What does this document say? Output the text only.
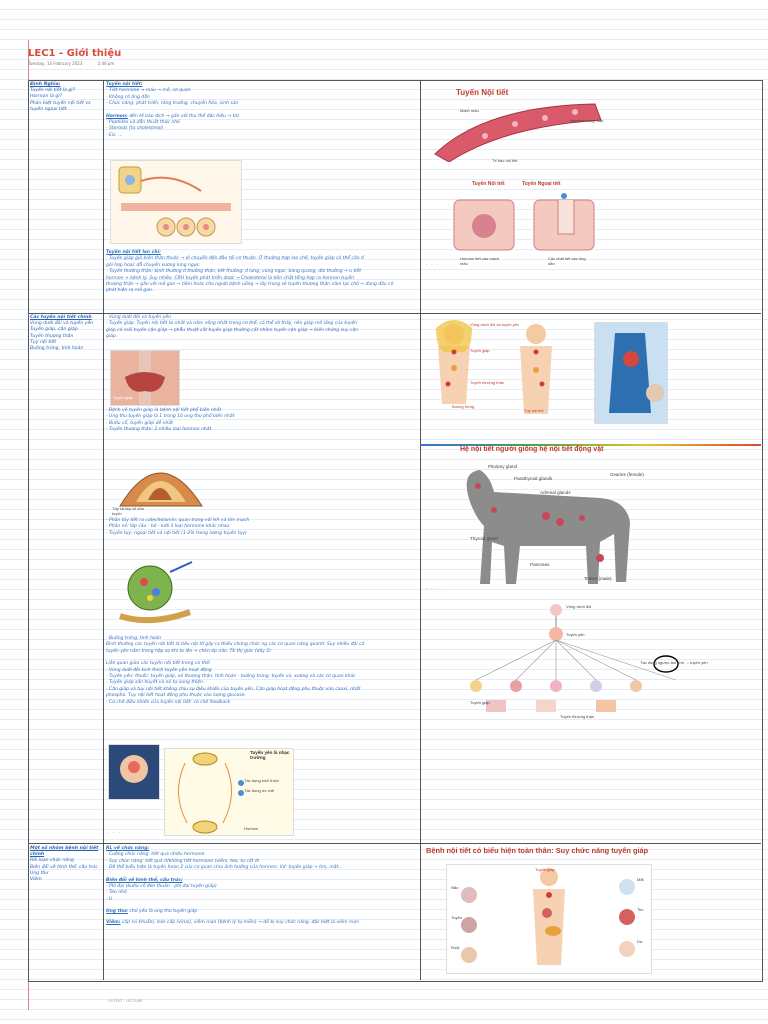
LEC1 - Giới thiệu
Tuesday, 14 February 2023	2:46 pm
Định Nghĩa:
Tuyến nội tiết là gì?
Hormon là gì?
Phân biệt tuyến nội tiết vs
tuyến ngoại tiết
Tuyến nội tiết:
- Tiết hormone → máu → mô, cơ quan
- Không có ống dẫn
- Chức năng: phát triển, tăng trưởng, chuyển hóa, sinh sản
Hormon: đến tế bào đích → gắn với thụ thể đặc hiệu → t/d
- Peptides và dẫn thuất thức nhỏ
- Steroids (từ cholesterol)
- Eis. ...
Tuyến nội tiết lan chỉ:
- Tuyến giáp gửi biến thân thuốc → di chuyển đến đầu tôi cơ thuận. Ở thường hợp lao chế, tuyến giáp có thể cần ở
gói hợp hoạc dẫ chuyển xương lưng ngực.
- Tuyến thường thận: bình thường ở thường thận, kết thường: ở lưng, vùng ngực, bàng quang, đài thường → u tiết
hormon → bệnh lý. Suy nhiều. CRH tuyến phát triển được → Cholesterol là tiền chất tổng hợp ra hormon tuyến
thượng thận → gần với mô gan → tiêm hoác cho người bệnh uống → lấy trong sẽ tuyến thượng thận nằm lạc chỗ → đang đầu có
phát hiện ra mô gan.
Tuyến Nội tiết
Mạch máu
Hormon trong máu
Tế bào nội tiết
Tuyến Nội tiết	Tuyến Ngoại tiết
Hormon tiết vào mạch máu
Các chất tiết vào ống dẫn
· · ·
Các tuyến nội tiết chính
Vùng dưới đồi và tuyến yên
Tuyến giáp, cận giáp
Tuyến thượng thận
Tụy nội tiết
Buồng trứng, tinh hoàn
- Vùng dưới đồi và tuyến yên
- Tuyến giáp: Tuyến nội tiết to nhất và nằm nông nhất trong cơ thể, có thể sờ thấy, nên giáp mô lắng của tuyến
giáp có mối tuyến cận giáp → phẫu thuật cắt tuyến giáp thường cắt nhầm tuyến cận giáp → biến chứng suy cận
giáp.
Tuyến giáp
- Bệnh về tuyến giáp là bệnh nội tiết phổ biến nhất
- Ung thư tuyến giáp là 1 trong 10 ung thư phổ biến nhất
- Bướu cổ, tuyến giáp dễ nhất
- Tuyến thượng thận: 2 nhiều loại hormon nhất
Tủy và lớp vỏ của tuyến
- Phần tủy tiết ra catecholamin: quan trọng với HA và tim mạch
- Phần vỏ: lớp cầu - bó - lưới 3 loại hormone khác nhau
- Tuyến tụy: ngoại tiết và nội tiết (1-2% trong lượng tuyến tụy)
- Buồng trứng, tinh hoàn
Bình thường các tuyến nội tiết là tiêu nội tổ gây ra thiếu chứng chức ng các cơ quan năng quanh: Suy nhiều đài cả
tuyến yên nằm trong hộp sọ khi to lên → chèn ép não. TK thị giác (dây 2)
Liên quan giữa các tuyến nội tiết trong cơ thể:
- Vùng dưới đồi kích thích tuyến yên hoạt động
- Tuyến yên: thuốc: tuyến giáp, vỏ thượng thận, tinh hoàn - buồng trứng, tuyến vú, xương và các cơ quan khác
- Tuyến giáp sản huyết và nó tự xung thiện.
- Cận giáp và tụy nội tiết không chịu sự điều khiển của tuyến yên. Cận giáp hoạt động phụ thuộc vào canxi, nhất
phospho. Tụy nội tiết hoạt động phụ thuộc vào lượng glucose.
- Cơ chế điều khiển của tuyến nội tiết: cơ chế feedback
Tuyến yên là nhạc trưởng
Tác dụng kích thích
Tác dụng ức chế
Hormon
· · ·
Vùng dưới đồi và tuyến yên
Tuyến giáp
Tuyến thượng thận
Tụy nội tiết
Buồng trứng
Hệ nội tiết người giống hệ nội tiết động vật
Pituitary gland
Parathyroid glands
Ovaries (female)
Adrenal glands
Thyroid gland
Pancreas
Testes (male)
· · · ·
Tác dụng ngược âm tính → tuyến yên
Vùng dưới đồi
Tuyến yên
Tuyến giáp
Tuyến thượng thận
Một số nhóm bệnh nội tiết chính
Rối loạn chức năng
Biến đổi về hình thể, cấu trúc
Ung thư
Viêm
RL về chức năng:
- Cường chức năng: tiết quá nhiều hormone
- Suy chức năng: tiết quá ít/không tiết hormone (viêm, teo, tự cắt đi
- Đề thể biểu hiện là tuyến hoàn 2 của cơ quan chia ảnh hưởng của hormon. Vd: tuyến giáp → tim, mắt...
Biến đổi về hình thể, cấu trúc:
- Phì đại (bướu cổ đơn thuần - phì đại tuyến giáp)
- Teo nhỏ
- U
Ung thư: chủ yếu là ung thư tuyến giáp
Viêm: cấp (vi khuẩn), bán cấp (virus), viêm mạn (bệnh lý tự miễn) → dễ bị suy chức năng, đặc biệt là viêm mạn
Bệnh nội tiết có biểu hiện toàn thân: Suy chức năng tuyến giáp
Tuyến giáp
Não
Tuyến
Ruột
Mắt
Tim
Da
OUTPUT - LECTURE
